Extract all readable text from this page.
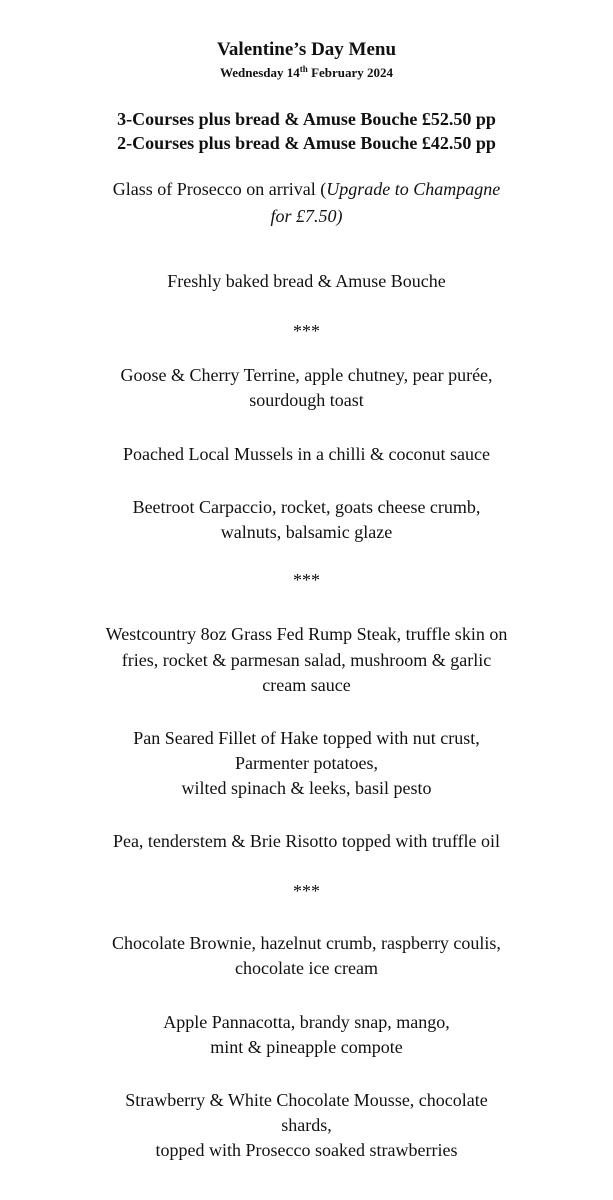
Valentine’s Day Menu
Wednesday 14th February 2024
3-Courses plus bread & Amuse Bouche £52.50 pp
2-Courses plus bread & Amuse Bouche £42.50 pp
Glass of Prosecco on arrival (Upgrade to Champagne
for £7.50)
Freshly baked bread & Amuse Bouche
***
Goose & Cherry Terrine, apple chutney, pear purée,
sourdough toast
Poached Local Mussels in a chilli & coconut sauce
Beetroot Carpaccio, rocket, goats cheese crumb,
walnuts, balsamic glaze
***
Westcountry 8oz Grass Fed Rump Steak, truffle skin on
fries, rocket & parmesan salad, mushroom & garlic
cream sauce
Pan Seared Fillet of Hake topped with nut crust,
Parmenter potatoes,
wilted spinach & leeks, basil pesto
Pea, tenderstem & Brie Risotto topped with truffle oil
***
Chocolate Brownie, hazelnut crumb, raspberry coulis,
chocolate ice cream
Apple Pannacotta, brandy snap, mango,
mint & pineapple compote
Strawberry & White Chocolate Mousse, chocolate
shards,
topped with Prosecco soaked strawberries
